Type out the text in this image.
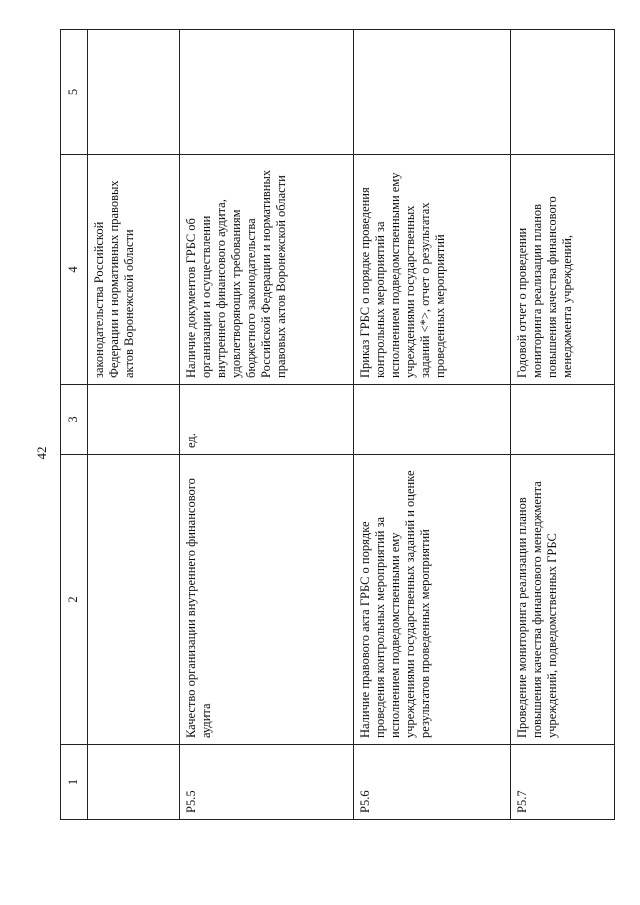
42
1	2	3	4	5
			законодательства Российской Федерации и нормативных правовых актов Воронежской области	
Р5.5	Качество организации внутреннего финансового аудита	ед.	Наличие документов ГРБС об организации и осуществлении внутреннего финансового аудита, удовлетворяющих требованиям бюджетного законодательства Российской Федерации и нормативных правовых актов Воронежской области	
Р5.6	Наличие правового акта ГРБС о порядке проведения контрольных мероприятий за исполнением подведомственными ему учреждениями государственных заданий и оценке результатов проведенных мероприятий		Приказ ГРБС о порядке проведения контрольных мероприятий за исполнением подведомственными ему учреждениями государственных заданий <*>, отчет о результатах проведенных мероприятий	
Р5.7	Проведение мониторинга реализации планов повышения качества финансового менеджмента учреждений, подведомственных ГРБС		Годовой отчет о проведении мониторинга реализации планов повышения качества финансового менеджмента учреждений,	
